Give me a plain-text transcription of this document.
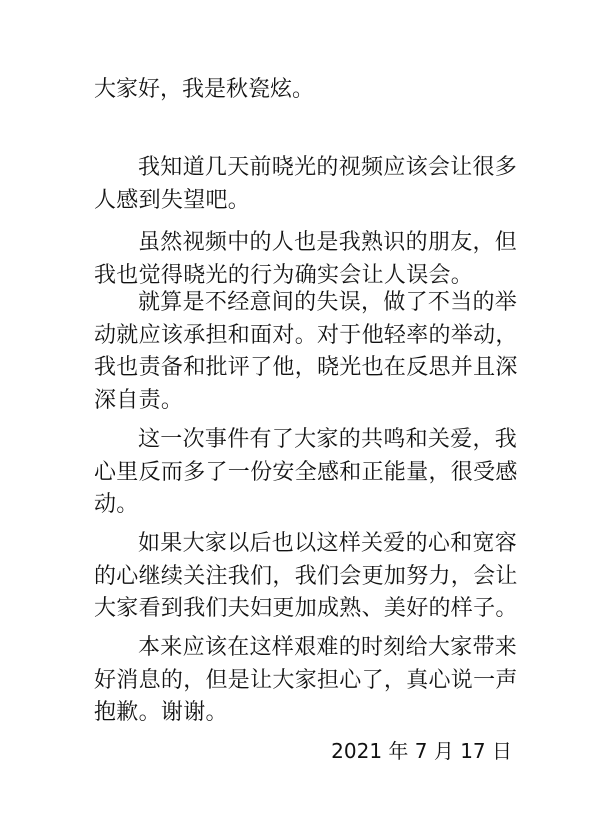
大家好，我是秋瓷炫。
我知道几天前晓光的视频应该会让很多人感到失望吧。
虽然视频中的人也是我熟识的朋友，但我也觉得晓光的行为确实会让人误会。
就算是不经意间的失误，做了不当的举动就应该承担和面对。对于他轻率的举动，我也责备和批评了他，晓光也在反思并且深深自责。
这一次事件有了大家的共鸣和关爱，我心里反而多了一份安全感和正能量，很受感动。
如果大家以后也以这样关爱的心和宽容的心继续关注我们，我们会更加努力，会让大家看到我们夫妇更加成熟、美好的样子。
本来应该在这样艰难的时刻给大家带来好消息的，但是让大家担心了，真心说一声抱歉。谢谢。
2021 年 7 月 17 日
